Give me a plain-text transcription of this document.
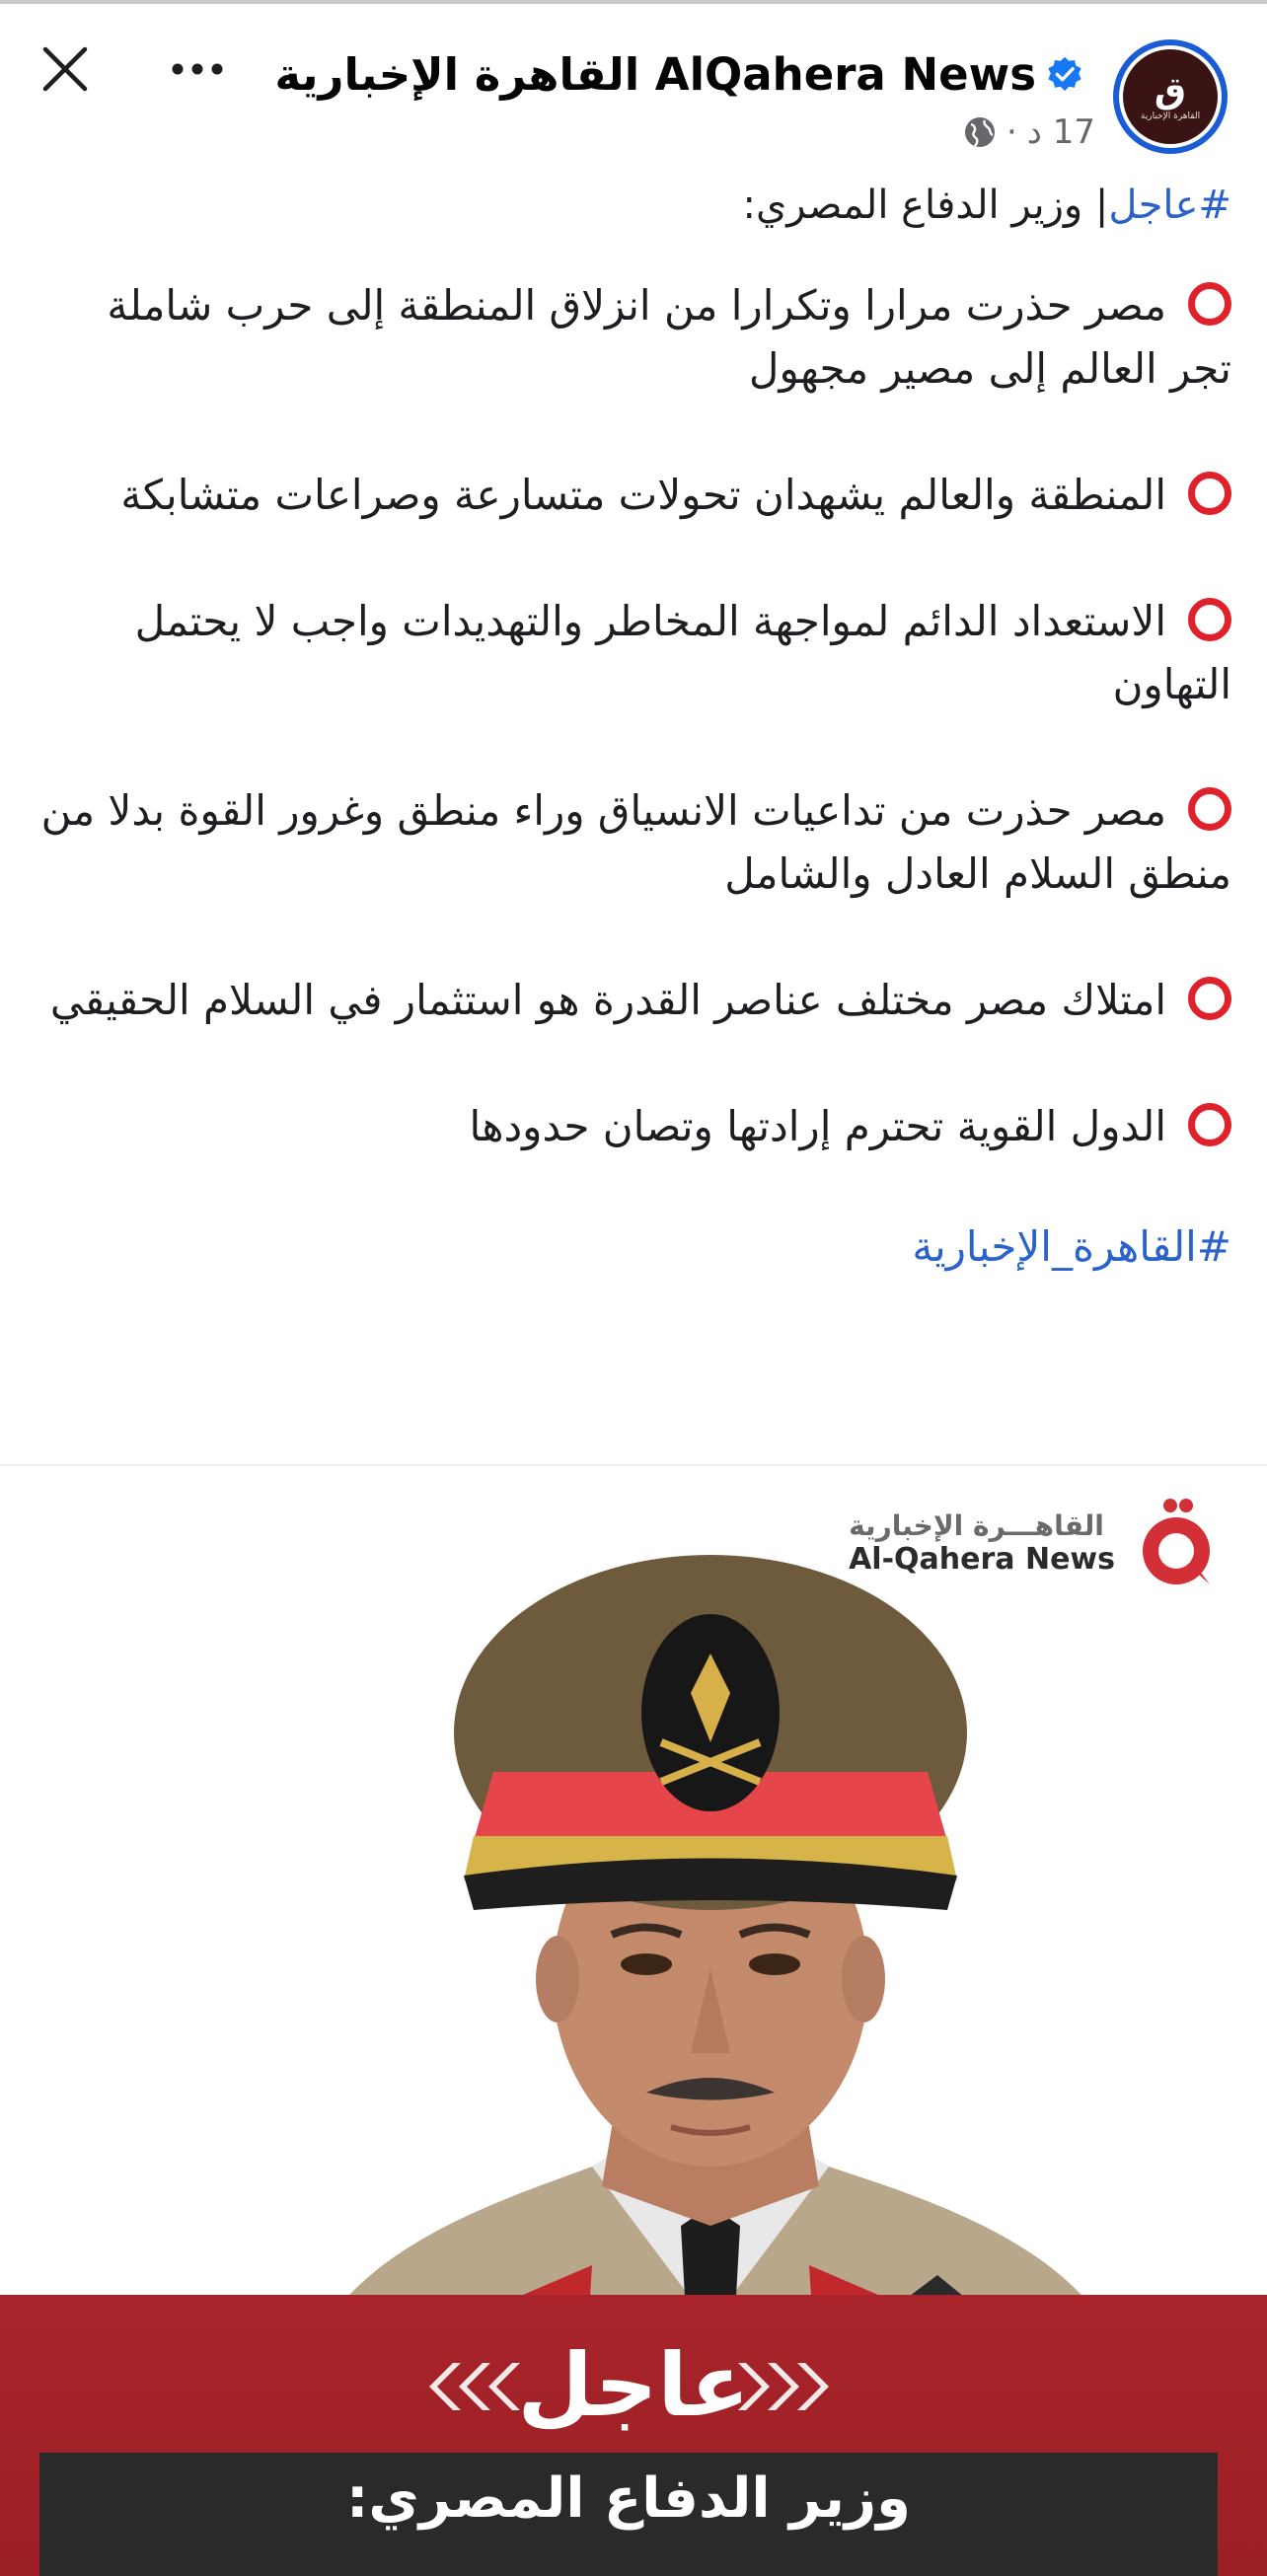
AlQahera News القاهرة الإخبارية
17 د
·
ق
القاهرة الإخبارية

#عاجل| وزير الدفاع المصري:

مصر حذرت مرارا وتكرارا من انزلاق المنطقة إلى حرب شاملة تجر العالم إلى مصير مجهول

المنطقة والعالم يشهدان تحولات متسارعة وصراعات متشابكة

الاستعداد الدائم لمواجهة المخاطر والتهديدات واجب لا يحتمل التهاون

مصر حذرت من تداعيات الانسياق وراء منطق وغرور القوة بدلا من منطق السلام العادل والشامل

امتلاك مصر مختلف عناصر القدرة هو استثمار في السلام الحقيقي

الدول القوية تحترم إرادتها وتصان حدودها

#القاهرة_الإخبارية

القاهـــرة الإخبارية
Al-Qahera News
عاجل
وزير الدفاع المصري:
